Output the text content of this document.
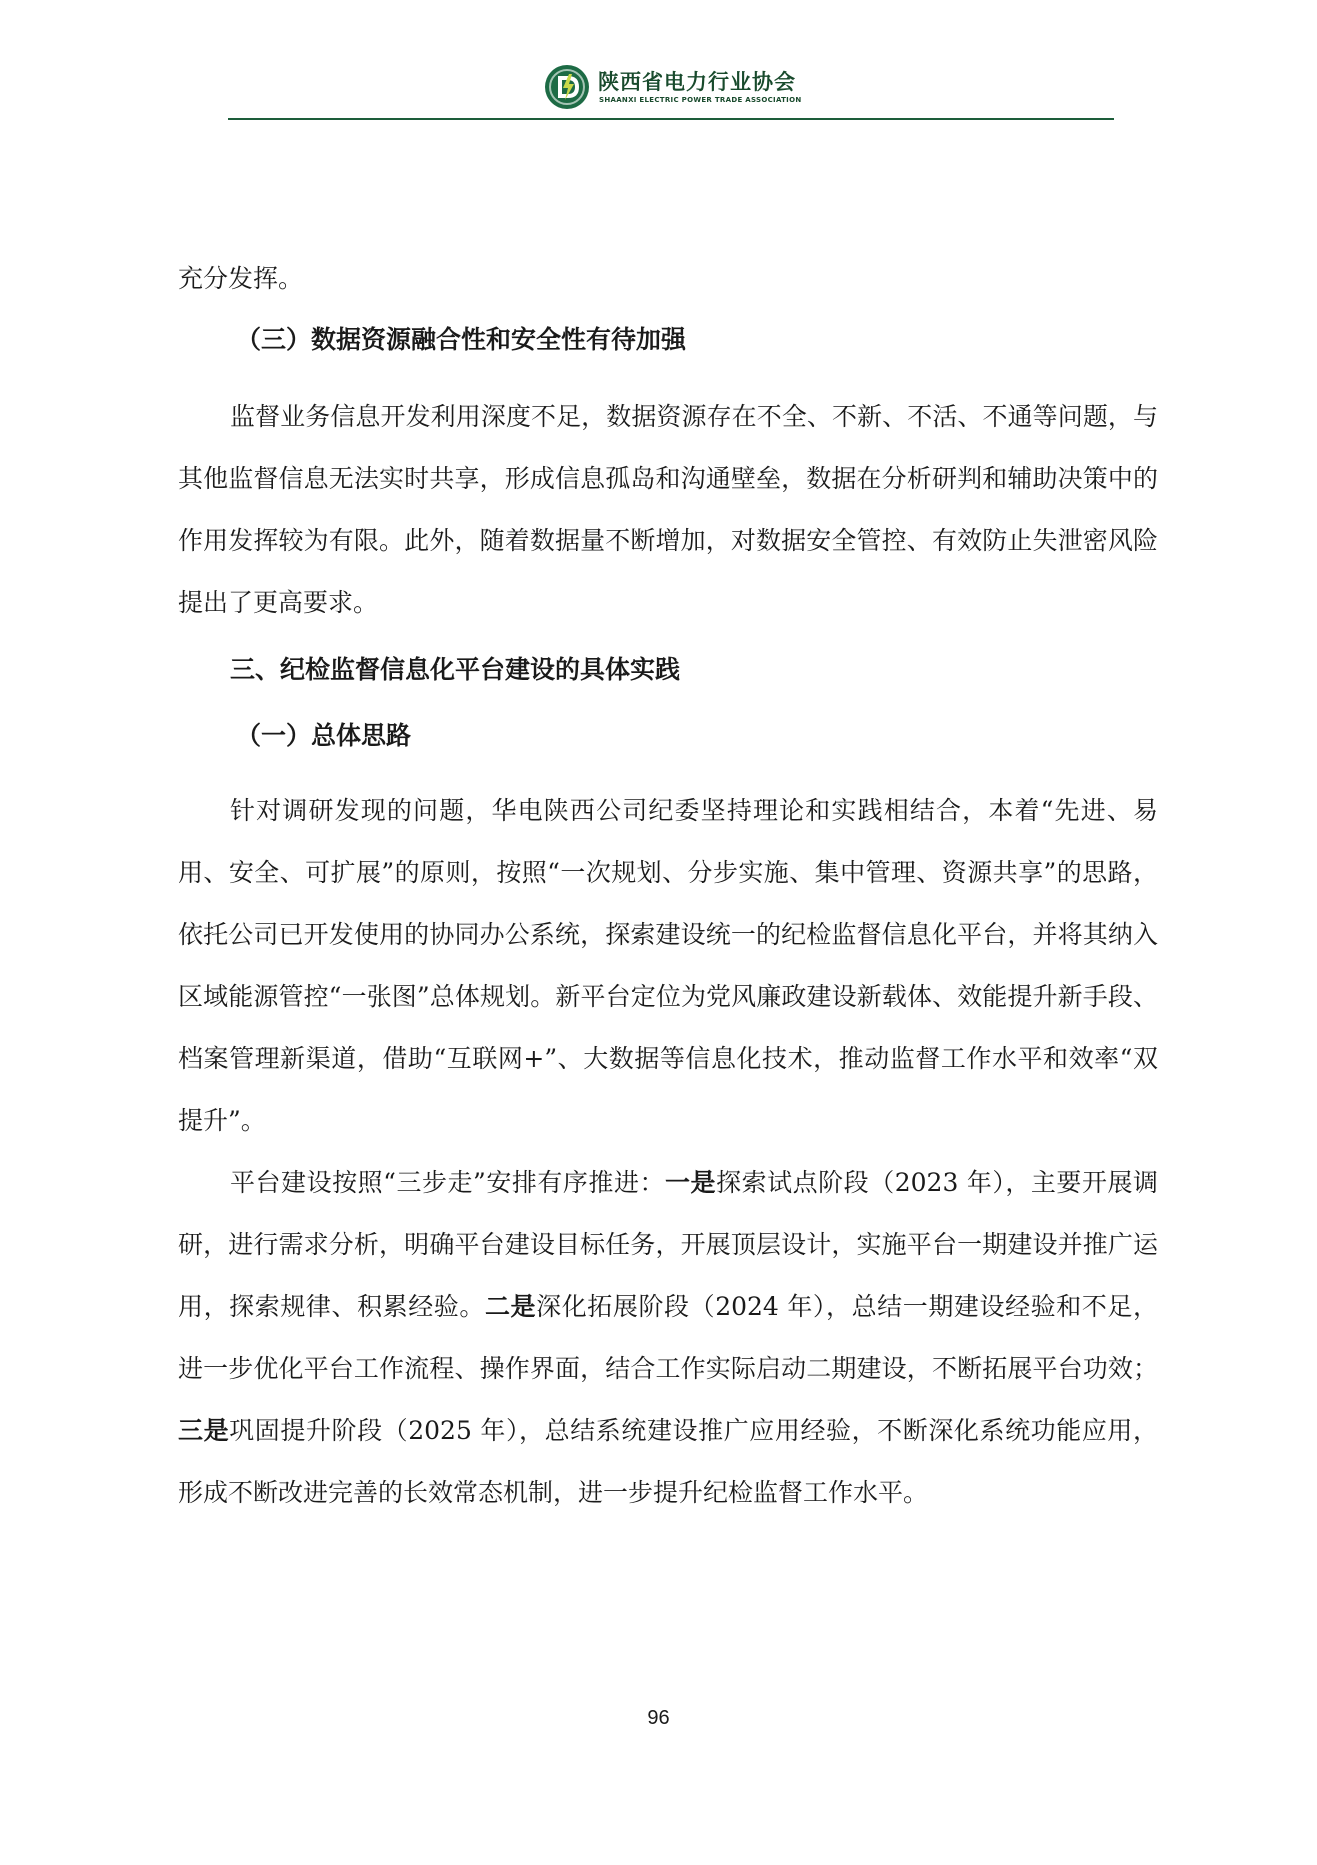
陕西省电力行业协会
SHAANXI ELECTRIC POWER TRADE ASSOCIATION

充分发挥。

（三）数据资源融合性和安全性有待加强

监督业务信息开发利用深度不足，数据资源存在不全、不新、不活、不通等问题，与其他监督信息无法实时共享，形成信息孤岛和沟通壁垒，数据在分析研判和辅助决策中的作用发挥较为有限。此外，随着数据量不断增加，对数据安全管控、有效防止失泄密风险提出了更高要求。

三、纪检监督信息化平台建设的具体实践
（一）总体思路

针对调研发现的问题，华电陕西公司纪委坚持理论和实践相结合，本着“先进、易用、安全、可扩展”的原则，按照“一次规划、分步实施、集中管理、资源共享”的思路，依托公司已开发使用的协同办公系统，探索建设统一的纪检监督信息化平台，并将其纳入区域能源管控“一张图”总体规划。新平台定位为党风廉政建设新载体、效能提升新手段、档案管理新渠道，借助“互联网+”、大数据等信息化技术，推动监督工作水平和效率“双提升”。

平台建设按照“三步走”安排有序推进：一是探索试点阶段（2023 年），主要开展调研，进行需求分析，明确平台建设目标任务，开展顶层设计，实施平台一期建设并推广运用，探索规律、积累经验。二是深化拓展阶段（2024 年），总结一期建设经验和不足，进一步优化平台工作流程、操作界面，结合工作实际启动二期建设，不断拓展平台功效；三是巩固提升阶段（2025 年），总结系统建设推广应用经验，不断深化系统功能应用，形成不断改进完善的长效常态机制，进一步提升纪检监督工作水平。

96
